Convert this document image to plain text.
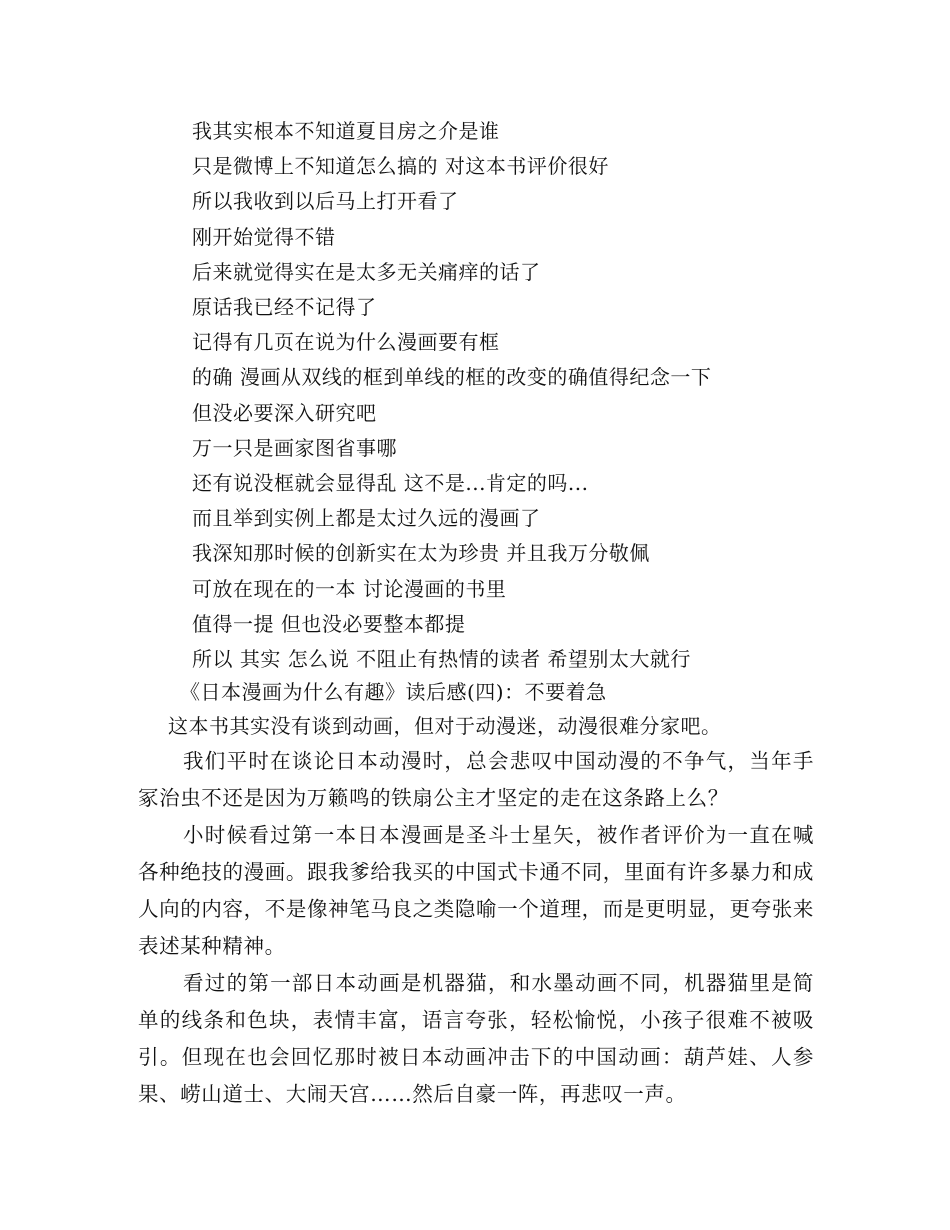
我其实根本不知道夏目房之介是谁
只是微博上不知道怎么搞的 对这本书评价很好
所以我收到以后马上打开看了
刚开始觉得不错
后来就觉得实在是太多无关痛痒的话了
原话我已经不记得了
记得有几页在说为什么漫画要有框
的确 漫画从双线的框到单线的框的改变的确值得纪念一下
但没必要深入研究吧
万一只是画家图省事哪
还有说没框就会显得乱 这不是...肯定的吗...
而且举到实例上都是太过久远的漫画了
我深知那时候的创新实在太为珍贵 并且我万分敬佩
可放在现在的一本 讨论漫画的书里
值得一提 但也没必要整本都提
所以 其实 怎么说 不阻止有热情的读者 希望别太大就行
《日本漫画为什么有趣》读后感(四)：不要着急
这本书其实没有谈到动画，但对于动漫迷，动漫很难分家吧。

我们平时在谈论日本动漫时，总会悲叹中国动漫的不争气，当年手冢治虫不还是因为万籁鸣的铁扇公主才坚定的走在这条路上么？

小时候看过第一本日本漫画是圣斗士星矢，被作者评价为一直在喊各种绝技的漫画。跟我爹给我买的中国式卡通不同，里面有许多暴力和成人向的内容，不是像神笔马良之类隐喻一个道理，而是更明显，更夸张来表述某种精神。

看过的第一部日本动画是机器猫，和水墨动画不同，机器猫里是简单的线条和色块，表情丰富，语言夸张，轻松愉悦，小孩子很难不被吸引。但现在也会回忆那时被日本动画冲击下的中国动画：葫芦娃、人参果、崂山道士、大闹天宫……然后自豪一阵，再悲叹一声。
